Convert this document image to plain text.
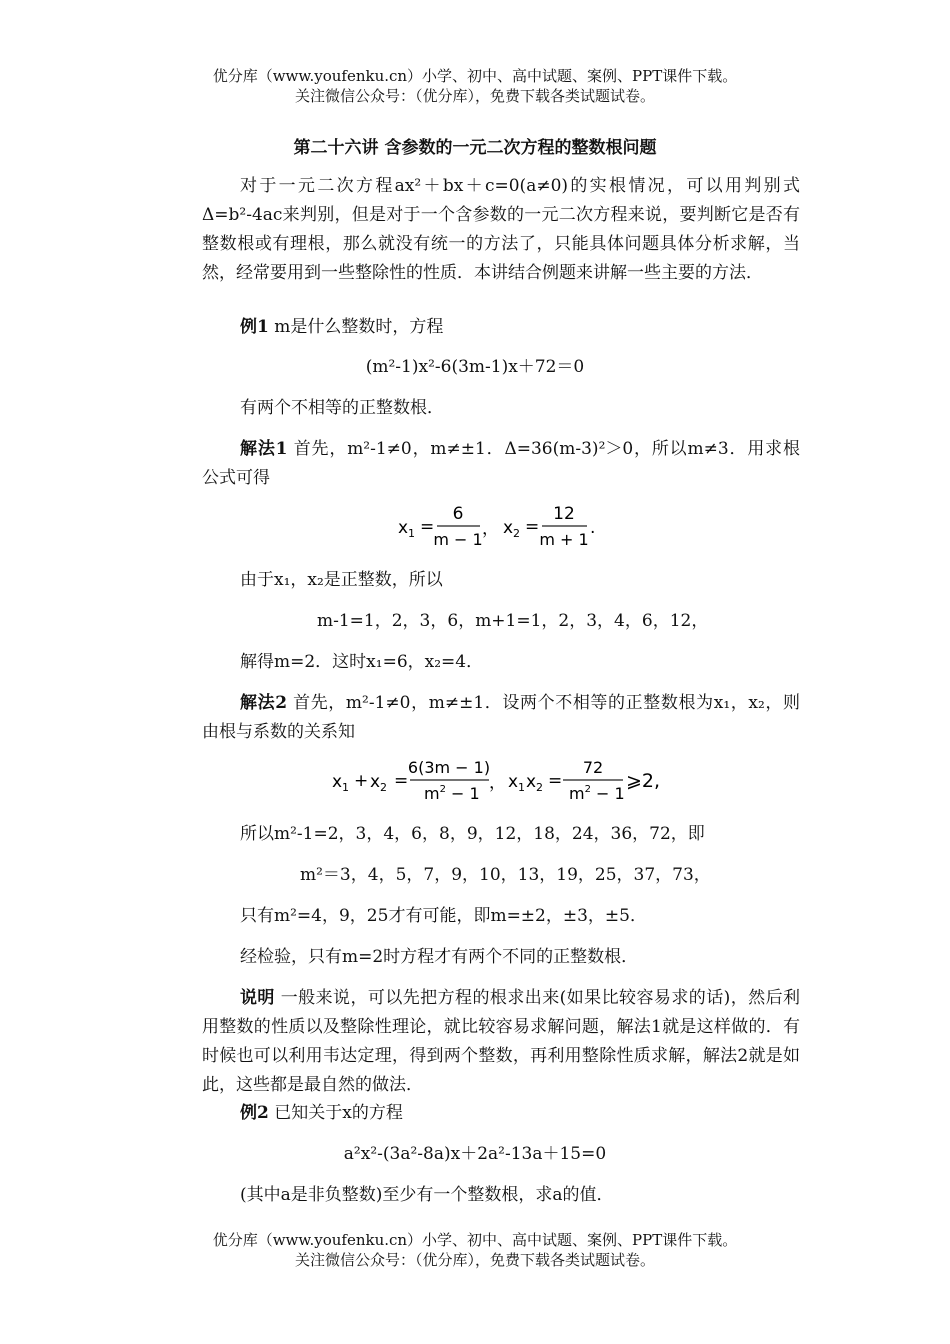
优分库（www.youfenku.cn）小学、初中、高中试题、案例、PPT课件下载。
关注微信公众号：（优分库），免费下载各类试题试卷。
第二十六讲 含参数的一元二次方程的整数根问题
对于一元二次方程ax²＋bx＋c=0(a≠0)的实根情况，可以用判别式Δ=b²-4ac来判别，但是对于一个含参数的一元二次方程来说，要判断它是否有整数根或有理根，那么就没有统一的方法了，只能具体问题具体分析求解，当然，经常要用到一些整除性的性质．本讲结合例题来讲解一些主要的方法．
例1 m是什么整数时，方程
(m²-1)x²-6(3m-1)x＋72＝0
有两个不相等的正整数根．
解法1 首先，m²-1≠0，m≠±1．Δ=36(m-3)²＞0，所以m≠3．用求根公式可得
x 1 =
6
m − 1
， x 2 =
12
m + 1
.
由于x₁，x₂是正整数，所以
m-1=1，2，3，6，m+1=1，2，3，4，6，12，
解得m=2．这时x₁=6，x₂=4．
解法2 首先，m²-1≠0，m≠±1．设两个不相等的正整数根为x₁，x₂，则由根与系数的关系知
x 1 + x 2 =
6(3m − 1)
$m^2 - 1$
， x 1 x 2 =
72
$m^2 - 1$
⩾2,
所以m²-1=2，3，4，6，8，9，12，18，24，36，72，即
m²＝3，4，5，7，9，10，13，19，25，37，73，
只有m²=4，9，25才有可能，即m=±2，±3，±5．
经检验，只有m=2时方程才有两个不同的正整数根．
说明 一般来说，可以先把方程的根求出来(如果比较容易求的话)，然后利用整数的性质以及整除性理论，就比较容易求解问题，解法1就是这样做的．有时候也可以利用韦达定理，得到两个整数，再利用整除性质求解，解法2就是如此，这些都是最自然的做法．
例2 已知关于x的方程
a²x²-(3a²-8a)x＋2a²-13a＋15=0
(其中a是非负整数)至少有一个整数根，求a的值．
优分库（www.youfenku.cn）小学、初中、高中试题、案例、PPT课件下载。
关注微信公众号：（优分库），免费下载各类试题试卷。
